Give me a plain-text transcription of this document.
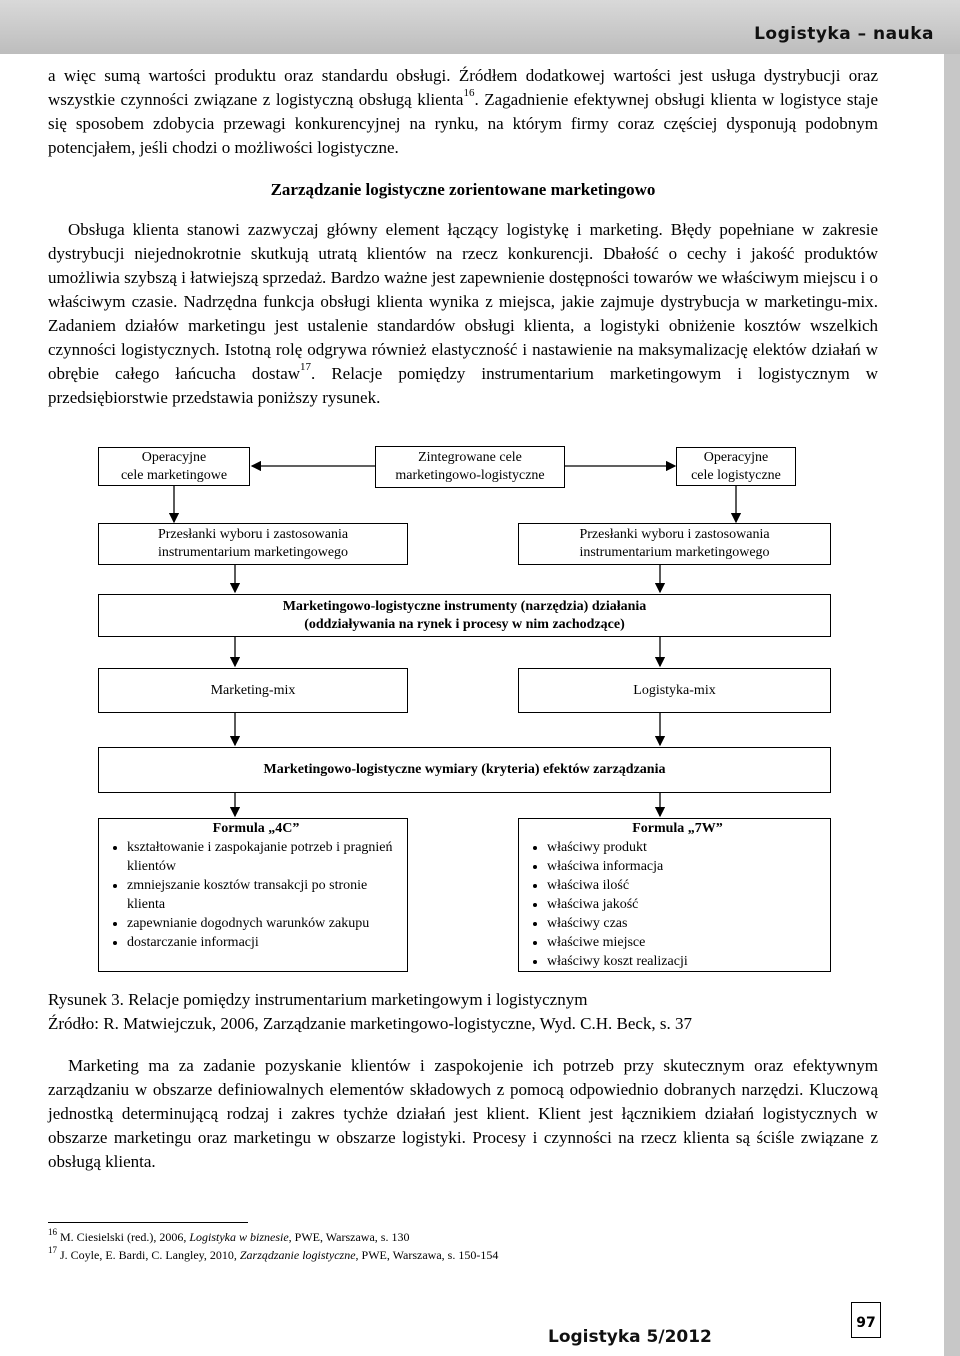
Logistyka – nauka

a więc sumą wartości produktu oraz standardu obsługi. Źródłem dodatkowej wartości jest usługa dystrybucji oraz wszystkie czynności związane z logistyczną obsługą klienta$^{16}$. Zagadnienie efektywnej obsługi klienta w logistyce staje się sposobem zdobycia przewagi konkurencyjnej na rynku, na którym firmy coraz częściej dysponują podobnym potencjałem, jeśli chodzi o możliwości logistyczne.

Zarządzanie logistyczne zorientowane marketingowo

Obsługa klienta stanowi zazwyczaj główny element łączący logistykę i marketing. Błędy popełniane w zakresie dystrybucji niejednokrotnie skutkują utratą klientów na rzecz konkurencji. Dbałość o cechy i jakość produktów umożliwia szybszą i łatwiejszą sprzedaż. Bardzo ważne jest zapewnienie dostępności towarów we właściwym miejscu i o właściwym czasie. Nadrzędna funkcja obsługi klienta wynika z miejsca, jakie zajmuje dystrybucja w marketingu-mix. Zadaniem działów marketingu jest ustalenie standardów obsługi klienta, a logistyki obniżenie kosztów wszelkich czynności logistycznych. Istotną rolę odgrywa również elastyczność i nastawienie na maksymalizację elektów działań w obrębie całego łańcucha dostaw$^{17}$. Relacje pomiędzy instrumentarium marketingowym i logistycznym w przedsiębiorstwie przedstawia poniższy rysunek.

Operacyjne
cele marketingowe
Zintegrowane cele
marketingowo-logistyczne
Operacyjne
cele logistyczne
Przesłanki wyboru i zastosowania
instrumentarium marketingowego
Przesłanki wyboru i zastosowania
instrumentarium marketingowego
Marketingowo-logistyczne instrumenty (narzędzia) działania
(oddziaływania na rynek i procesy w nim zachodzące)
Marketing-mix	Logistyka-mix
Marketingowo-logistyczne wymiary (kryteria) efektów zarządzania
Formula „4C”
• kształtowanie i zaspokajanie potrzeb i pragnień klientów
• zmniejszanie kosztów transakcji po stronie klienta
• zapewnianie dogodnych warunków zakupu
• dostarczanie informacji
Formula „7W”
• właściwy produkt
• właściwa informacja
• właściwa ilość
• właściwa jakość
• właściwy czas
• właściwe miejsce
• właściwy koszt realizacji
Rysunek 3. Relacje pomiędzy instrumentarium marketingowym i logistycznym
Źródło: R. Matwiejczuk, 2006, Zarządzanie marketingowo-logistyczne, Wyd. C.H. Beck, s. 37

Marketing ma za zadanie pozyskanie klientów i zaspokojenie ich potrzeb przy skutecznym oraz efektywnym zarządzaniu w obszarze definiowalnych elementów składowych z pomocą odpowiednio dobranych narzędzi. Kluczową jednostką determinującą rodzaj i zakres tychże działań jest klient. Klient jest łącznikiem działań logistycznych w obszarze marketingu oraz marketingu w obszarze logistyki. Procesy i czynności na rzecz klienta są ściśle związane z obsługą klienta.

$^{16}$ M. Ciesielski (red.), 2006, Logistyka w biznesie, PWE, Warszawa, s. 130
$^{17}$ J. Coyle, E. Bardi, C. Langley, 2010, Zarządzanie logistyczne, PWE, Warszawa, s. 150-154
Logistyka 5/2012
97
